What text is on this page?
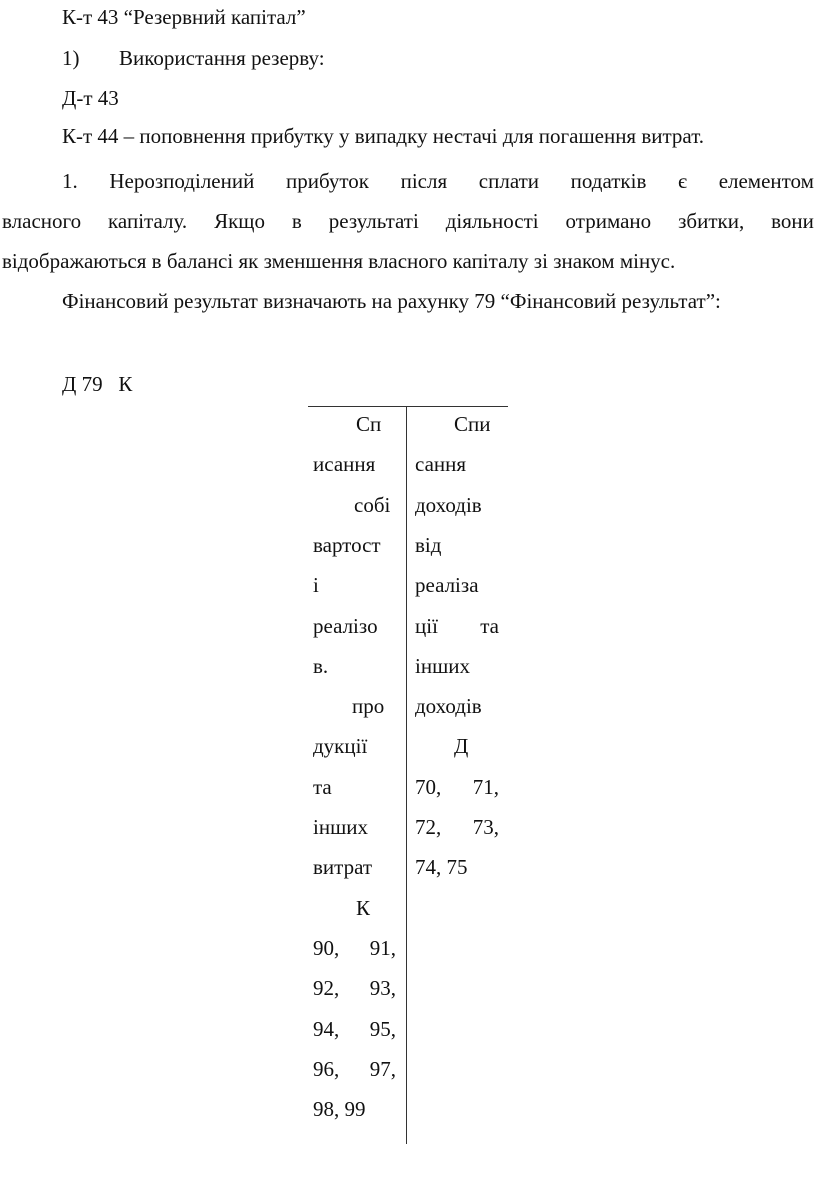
К-т 43 “Резервний капітал”
1) Використання резерву:
Д-т 43
К-т 44 – поповнення прибутку у випадку нестачі для погашення витрат.
1. Нерозподілений прибуток після сплати податків є елементом
власного капіталу. Якщо в результаті діяльності отримано збитки, вони
відображаються в балансі як зменшення власного капіталу зі знаком мінус.
Фінансовий результат визначають на рахунку 79 “Фінансовий результат”:
Д 79   К
Сп
исання
собі
вартост
і
реалізо
в.
про
дукції
та
інших
витрат
К
90, 91,
92, 93,
94, 95,
96, 97,
98, 99
Спи
сання
доходів
від
реаліза
ції та
інших
доходів
Д
70, 71,
72, 73,
74, 75
